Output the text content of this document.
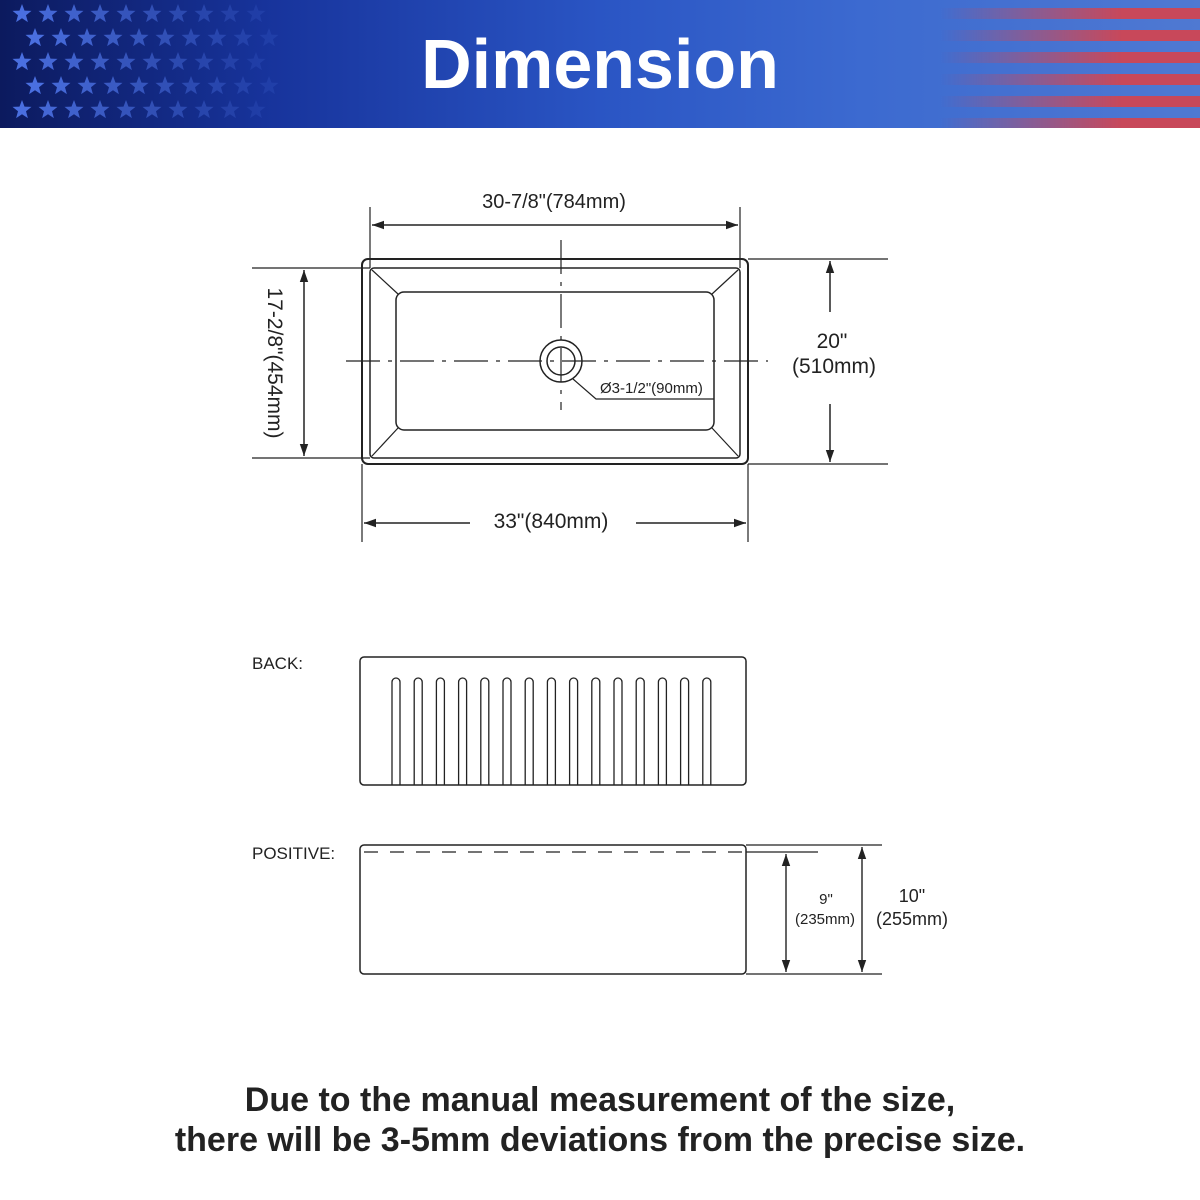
Dimension
30-7/8"(784mm)
33"(840mm)
17-2/8"(454mm)	20"
(510mm)
Ø3-1/2"(90mm)
BACK:
POSITIVE:
9"
(235mm)
10"
(255mm)
Due to the manual measurement of the size,
there will be 3-5mm deviations from the precise size.
